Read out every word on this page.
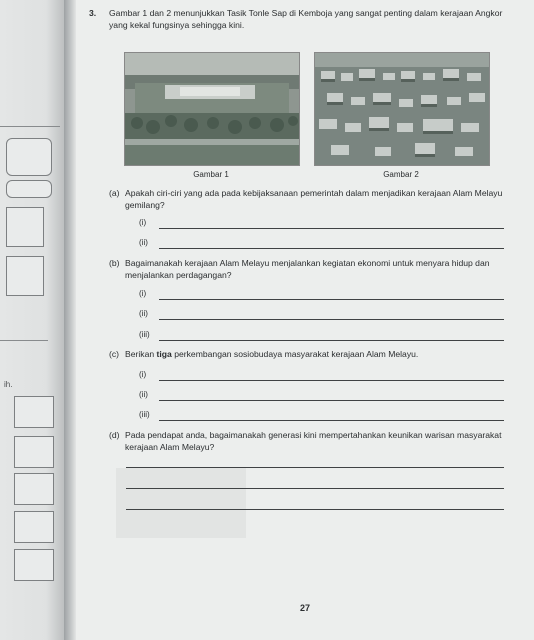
ih.
3. Gambar 1 dan 2 menunjukkan Tasik Tonle Sap di Kemboja yang sangat penting dalam kerajaan Angkor yang kekal fungsinya sehingga kini.
Gambar 1	Gambar 2
(a) Apakah ciri-ciri yang ada pada kebijaksanaan pemerintah dalam menjadikan kerajaan Alam Melayu gemilang?
(i)
(ii)
(b) Bagaimanakah kerajaan Alam Melayu menjalankan kegiatan ekonomi untuk menyara hidup dan menjalankan perdagangan?
(i)
(ii)
(iii)
(c) Berikan tiga perkembangan sosiobudaya masyarakat kerajaan Alam Melayu.
(i)
(ii)
(iii)
(d) Pada pendapat anda, bagaimanakah generasi kini mempertahankan keunikan warisan masyarakat kerajaan Alam Melayu?
27
